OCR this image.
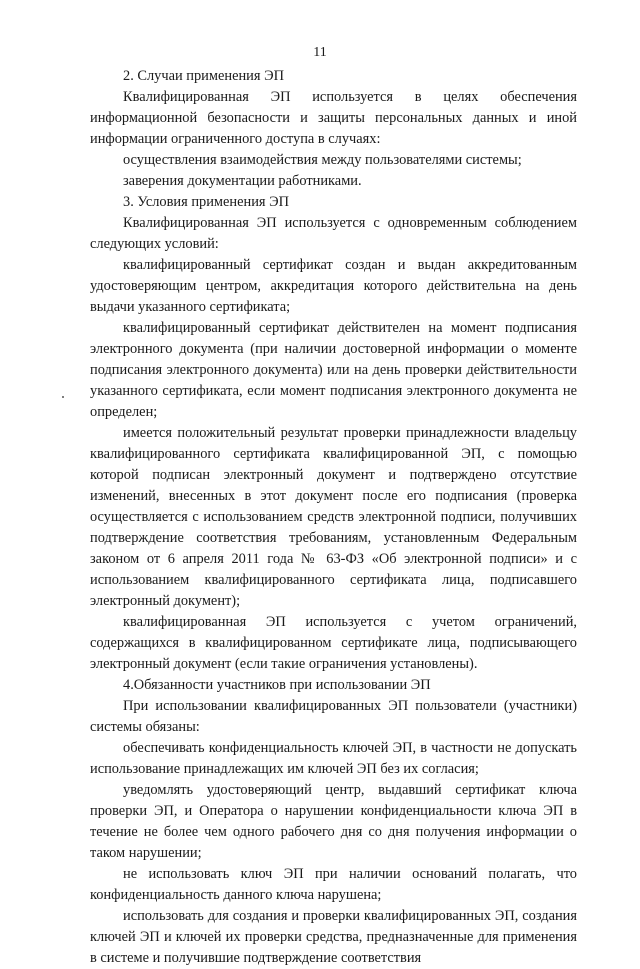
11

2. Случаи применения ЭП

Квалифицированная ЭП используется в целях обеспечения информационной безопасности и защиты персональных данных и иной информации ограниченного доступа в случаях:

осуществления взаимодействия между пользователями системы;

заверения документации работниками.

3. Условия применения ЭП

Квалифицированная ЭП используется с одновременным соблюдением следующих условий:

квалифицированный сертификат создан и выдан аккредитованным удостоверяющим центром, аккредитация которого действительна на день выдачи указанного сертификата;

квалифицированный сертификат действителен на момент подписания электронного документа (при наличии достоверной информации о моменте подписания электронного документа) или на день проверки действительности указанного сертификата, если момент подписания электронного документа не определен;

имеется положительный результат проверки принадлежности владельцу квалифицированного сертификата квалифицированной ЭП, с помощью которой подписан электронный документ и подтверждено отсутствие изменений, внесенных в этот документ после его подписания (проверка осуществляется с использованием средств электронной подписи, получивших подтверждение соответствия требованиям, установленным Федеральным законом от 6 апреля 2011 года № 63-ФЗ «Об электронной подписи» и с использованием квалифицированного сертификата лица, подписавшего электронный документ);

квалифицированная ЭП используется с учетом ограничений, содержащихся в квалифицированном сертификате лица, подписывающего электронный документ (если такие ограничения установлены).

4.Обязанности участников при использовании ЭП

При использовании квалифицированных ЭП пользователи (участники) системы обязаны:

обеспечивать конфиденциальность ключей ЭП, в частности не допускать использование принадлежащих им ключей ЭП без их согласия;

уведомлять удостоверяющий центр, выдавший сертификат ключа проверки ЭП, и Оператора о нарушении конфиденциальности ключа ЭП в течение не более чем одного рабочего дня со дня получения информации о таком нарушении;

не использовать ключ ЭП при наличии оснований полагать, что конфиденциальность данного ключа нарушена;

использовать для создания и проверки квалифицированных ЭП, создания ключей ЭП и ключей их проверки средства, предназначенные для применения в системе и получившие подтверждение соответствия
